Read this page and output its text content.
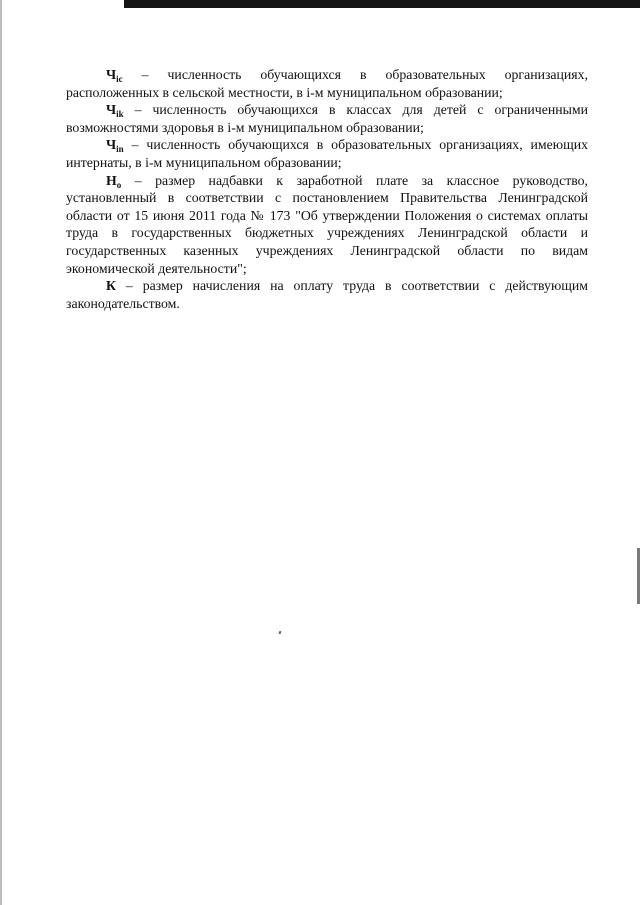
$Ч_{ic}$ – численность обучающихся в образовательных организациях, расположенных в сельской местности, в i-м муниципальном образовании;

$Ч_{ik}$ – численность обучающихся в классах для детей с ограниченными возможностями здоровья в i-м муниципальном образовании;

$Ч_{in}$ – численность обучающихся в образовательных организациях, имеющих интернаты, в i-м муниципальном образовании;

$Н_о$ – размер надбавки к заработной плате за классное руководство, установленный в соответствии с постановлением Правительства Ленинградской области от 15 июня 2011 года № 173 "Об утверждении Положения о системах оплаты труда в государственных бюджетных учреждениях Ленинградской области и государственных казенных учреждениях Ленинградской области по видам экономической деятельности";

К – размер начисления на оплату труда в соответствии с действующим законодательством.
